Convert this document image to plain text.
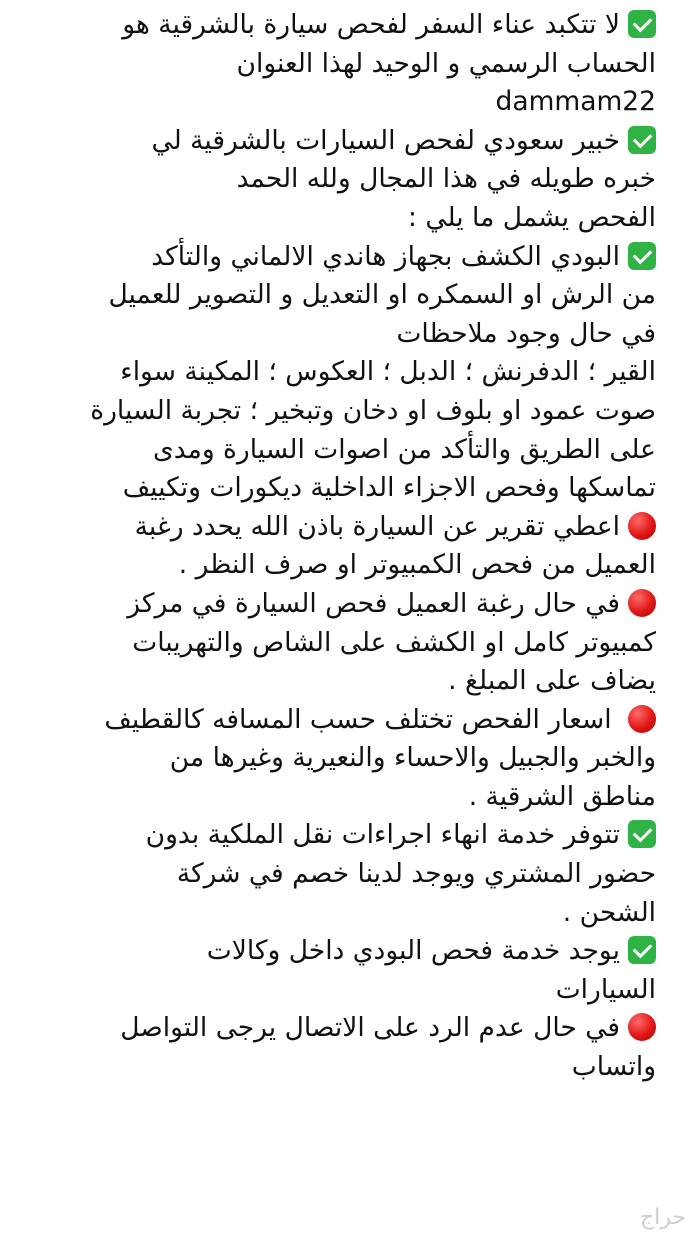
لا تتكبد عناء السفر لفحص سيارة بالشرقية هو
الحساب الرسمي و الوحيد لهذا العنوان
dammam22
خبير سعودي لفحص السيارات بالشرقية لي
خبره طويله في هذا المجال ولله الحمد
الفحص يشمل ما يلي :
البودي الكشف بجهاز هاندي الالماني والتأكد
من الرش او السمكره او التعديل و التصوير للعميل
في حال وجود ملاحظات
القير ؛ الدفرنش ؛ الدبل ؛ العكوس ؛ المكينة سواء
صوت عمود او بلوف او دخان وتبخير ؛ تجربة السيارة
على الطريق والتأكد من اصوات السيارة ومدى
تماسكها وفحص الاجزاء الداخلية ديكورات وتكييف
اعطي تقرير عن السيارة باذن الله يحدد رغبة
العميل من فحص الكمبيوتر او صرف النظر .
في حال رغبة العميل فحص السيارة في مركز
كمبيوتر كامل او الكشف على الشاص والتهريبات
يضاف على المبلغ .
اسعار الفحص تختلف حسب المسافه كالقطيف
والخبر والجبيل والاحساء والنعيرية وغيرها من
مناطق الشرقية .
تتوفر خدمة انهاء اجراءات نقل الملكية بدون
حضور المشتري ويوجد لدينا خصم في شركة
الشحن .
يوجد خدمة فحص البودي داخل وكالات
السيارات
في حال عدم الرد على الاتصال يرجى التواصل
واتساب
حراج
